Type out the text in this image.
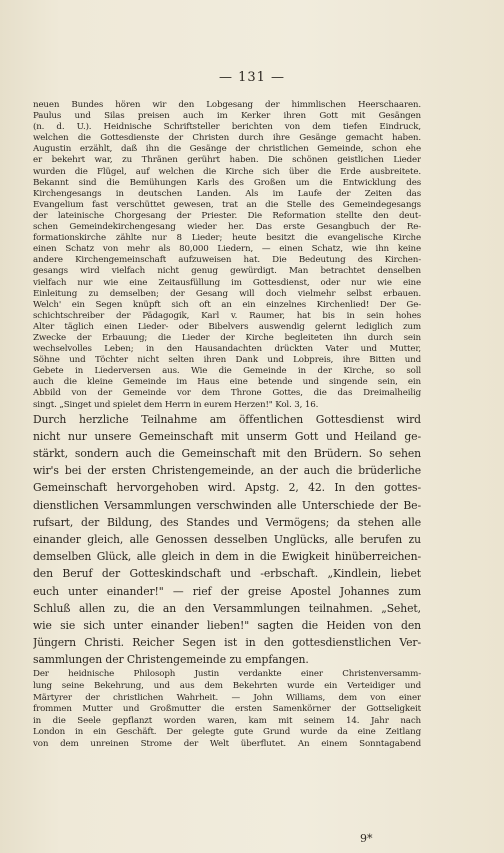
— 131 —
neuen Bundes hören wir den Lobgesang der himmlischen Heerschaaren.
Paulus und Silas preisen auch im Kerker ihren Gott mit Gesängen
(n. d. U.). Heidnische Schriftsteller berichten von dem tiefen Eindruck,
welchen die Gottesdienste der Christen durch ihre Gesänge gemacht haben.
Augustin erzählt, daß ihn die Gesänge der christlichen Gemeinde, schon ehe
er bekehrt war, zu Thränen gerührt haben. Die schönen geistlichen Lieder
wurden die Flügel, auf welchen die Kirche sich über die Erde ausbreitete.
Bekannt sind die Bemühungen Karls des Großen um die Entwicklung des
Kirchengesangs in deutschen Landen. Als im Laufe der Zeiten das
Evangelium fast verschüttet gewesen, trat an die Stelle des Gemeindegesangs
der lateinische Chorgesang der Priester. Die Reformation stellte den deut-
schen Gemeindekirchengesang wieder her. Das erste Gesangbuch der Re-
formationskirche zählte nur 8 Lieder; heute besitzt die evangelische Kirche
einen Schatz von mehr als 80,000 Liedern, — einen Schatz, wie ihn keine
andere Kirchengemeinschaft aufzuweisen hat. Die Bedeutung des Kirchen-
gesangs wird vielfach nicht genug gewürdigt. Man betrachtet denselben
vielfach nur wie eine Zeitausfüllung im Gottesdienst, oder nur wie eine
Einleitung zu demselben; der Gesang will doch vielmehr selbst erbauen.
Welch' ein Segen knüpft sich oft an ein einzelnes Kirchenlied! Der Ge-
schichtschreiber der Pädagogik, Karl v. Raumer, hat bis in sein hohes
Alter täglich einen Lieder- oder Bibelvers auswendig gelernt lediglich zum
Zwecke der Erbauung; die Lieder der Kirche begleiteten ihn durch sein
wechselvolles Leben; in den Hausandachten drückten Vater und Mutter,
Söhne und Töchter nicht selten ihren Dank und Lobpreis, ihre Bitten und
Gebete in Liederversen aus. Wie die Gemeinde in der Kirche, so soll
auch die kleine Gemeinde im Haus eine betende und singende sein, ein
Abbild von der Gemeinde vor dem Throne Gottes, die das Dreimalheilig
singt. „Singet und spielet dem Herrn in eurem Herzen!" Kol. 3, 16.
Durch herzliche Teilnahme am öffentlichen Gottesdienst wird
nicht nur unsere Gemeinschaft mit unserm Gott und Heiland ge-
stärkt, sondern auch die Gemeinschaft mit den Brüdern. So sehen
wir's bei der ersten Christengemeinde, an der auch die brüderliche
Gemeinschaft hervorgehoben wird. Apstg. 2, 42. In den gottes-
dienstlichen Versammlungen verschwinden alle Unterschiede der Be-
rufsart, der Bildung, des Standes und Vermögens; da stehen alle
einander gleich, alle Genossen desselben Unglücks, alle berufen zu
demselben Glück, alle gleich in dem in die Ewigkeit hinüberreichen-
den Beruf der Gotteskindschaft und -erbschaft. „Kindlein, liebet
euch unter einander!" — rief der greise Apostel Johannes zum
Schluß allen zu, die an den Versammlungen teilnahmen. „Sehet,
wie sie sich unter einander lieben!" sagten die Heiden von den
Jüngern Christi. Reicher Segen ist in den gottesdienstlichen Ver-
sammlungen der Christengemeinde zu empfangen.
Der heidnische Philosoph Justin verdankte einer Christenversamm-
lung seine Bekehrung, und aus dem Bekehrten wurde ein Verteidiger und
Märtyrer der christlichen Wahrheit. — John Williams, dem von einer
frommen Mutter und Großmutter die ersten Samenkörner der Gottseligkeit
in die Seele gepflanzt worden waren, kam mit seinem 14. Jahr nach
London in ein Geschäft. Der gelegte gute Grund wurde da eine Zeitlang
von dem unreinen Strome der Welt überflutet. An einem Sonntagabend
9*
